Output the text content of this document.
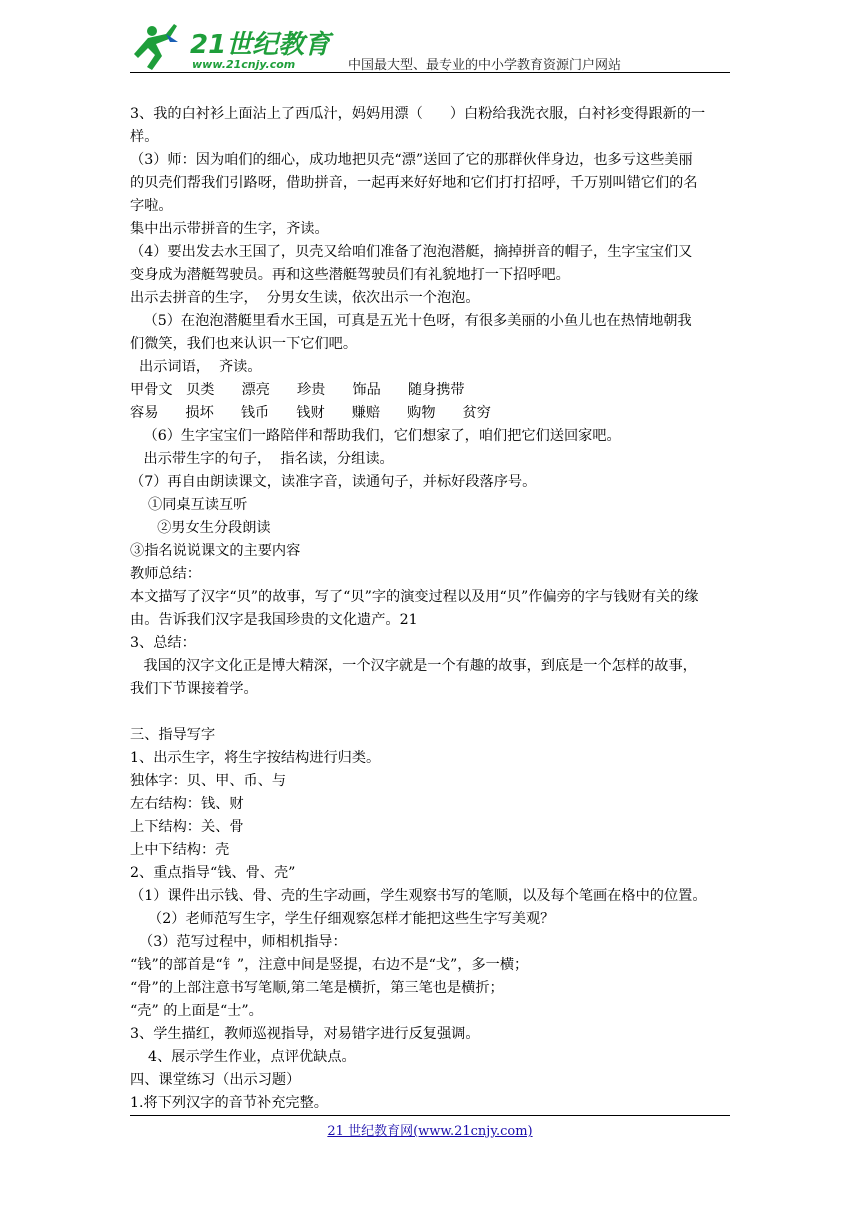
21世纪教育
www.21cnjy.com	中国最大型、最专业的中小学教育资源门户网站

3、我的白衬衫上面沾上了西瓜汁，妈妈用漂（      ）白粉给我洗衣服，白衬衫变得跟新的一

样。

（3）师：因为咱们的细心，成功地把贝壳“漂”送回了它的那群伙伴身边，也多亏这些美丽

的贝壳们帮我们引路呀，借助拼音，一起再来好好地和它们打打招呼，千万别叫错它们的名

字啦。

集中出示带拼音的生字，齐读。

（4）要出发去水王国了，贝壳又给咱们准备了泡泡潜艇，摘掉拼音的帽子，生字宝宝们又

变身成为潜艇驾驶员。再和这些潜艇驾驶员们有礼貌地打一下招呼吧。

出示去拼音的生字，  分男女生读，依次出示一个泡泡。

（5）在泡泡潜艇里看水王国，可真是五光十色呀，有很多美丽的小鱼儿也在热情地朝我

们微笑，我们也来认识一下它们吧。

出示词语，  齐读。

甲骨文   贝类      漂亮      珍贵      饰品      随身携带

容易      损坏      钱币      钱财      赚赔      购物      贫穷

（6）生字宝宝们一路陪伴和帮助我们，它们想家了，咱们把它们送回家吧。

出示带生字的句子，  指名读，分组读。

（7）再自由朗读课文，读准字音，读通句子，并标好段落序号。

①同桌互读互听

②男女生分段朗读

③指名说说课文的主要内容

教师总结：

本文描写了汉字“贝”的故事，写了“贝”字的演变过程以及用“贝”作偏旁的字与钱财有关的缘

由。告诉我们汉字是我国珍贵的文化遗产。21

3、总结：

我国的汉字文化正是博大精深，一个汉字就是一个有趣的故事，到底是一个怎样的故事，

我们下节课接着学。

三、指导写字

1、出示生字，将生字按结构进行归类。

独体字：贝、甲、币、与

左右结构：钱、财

上下结构：关、骨

上中下结构：壳

2、重点指导“钱、骨、壳”

（1）课件出示钱、骨、壳的生字动画，学生观察书写的笔顺，以及每个笔画在格中的位置。

（2）老师范写生字，学生仔细观察怎样才能把这些生字写美观？

（3）范写过程中，师相机指导：

“钱”的部首是“钅”，注意中间是竖提，右边不是“戈”，多一横；

“骨”的上部注意书写笔顺,第二笔是横折，第三笔也是横折；

“壳” 的上面是“士”。

3、学生描红，教师巡视指导，对易错字进行反复强调。

4、展示学生作业，点评优缺点。

四、课堂练习（出示习题）

1.将下列汉字的音节补充完整。

21 世纪教育网(www.21cnjy.com)
